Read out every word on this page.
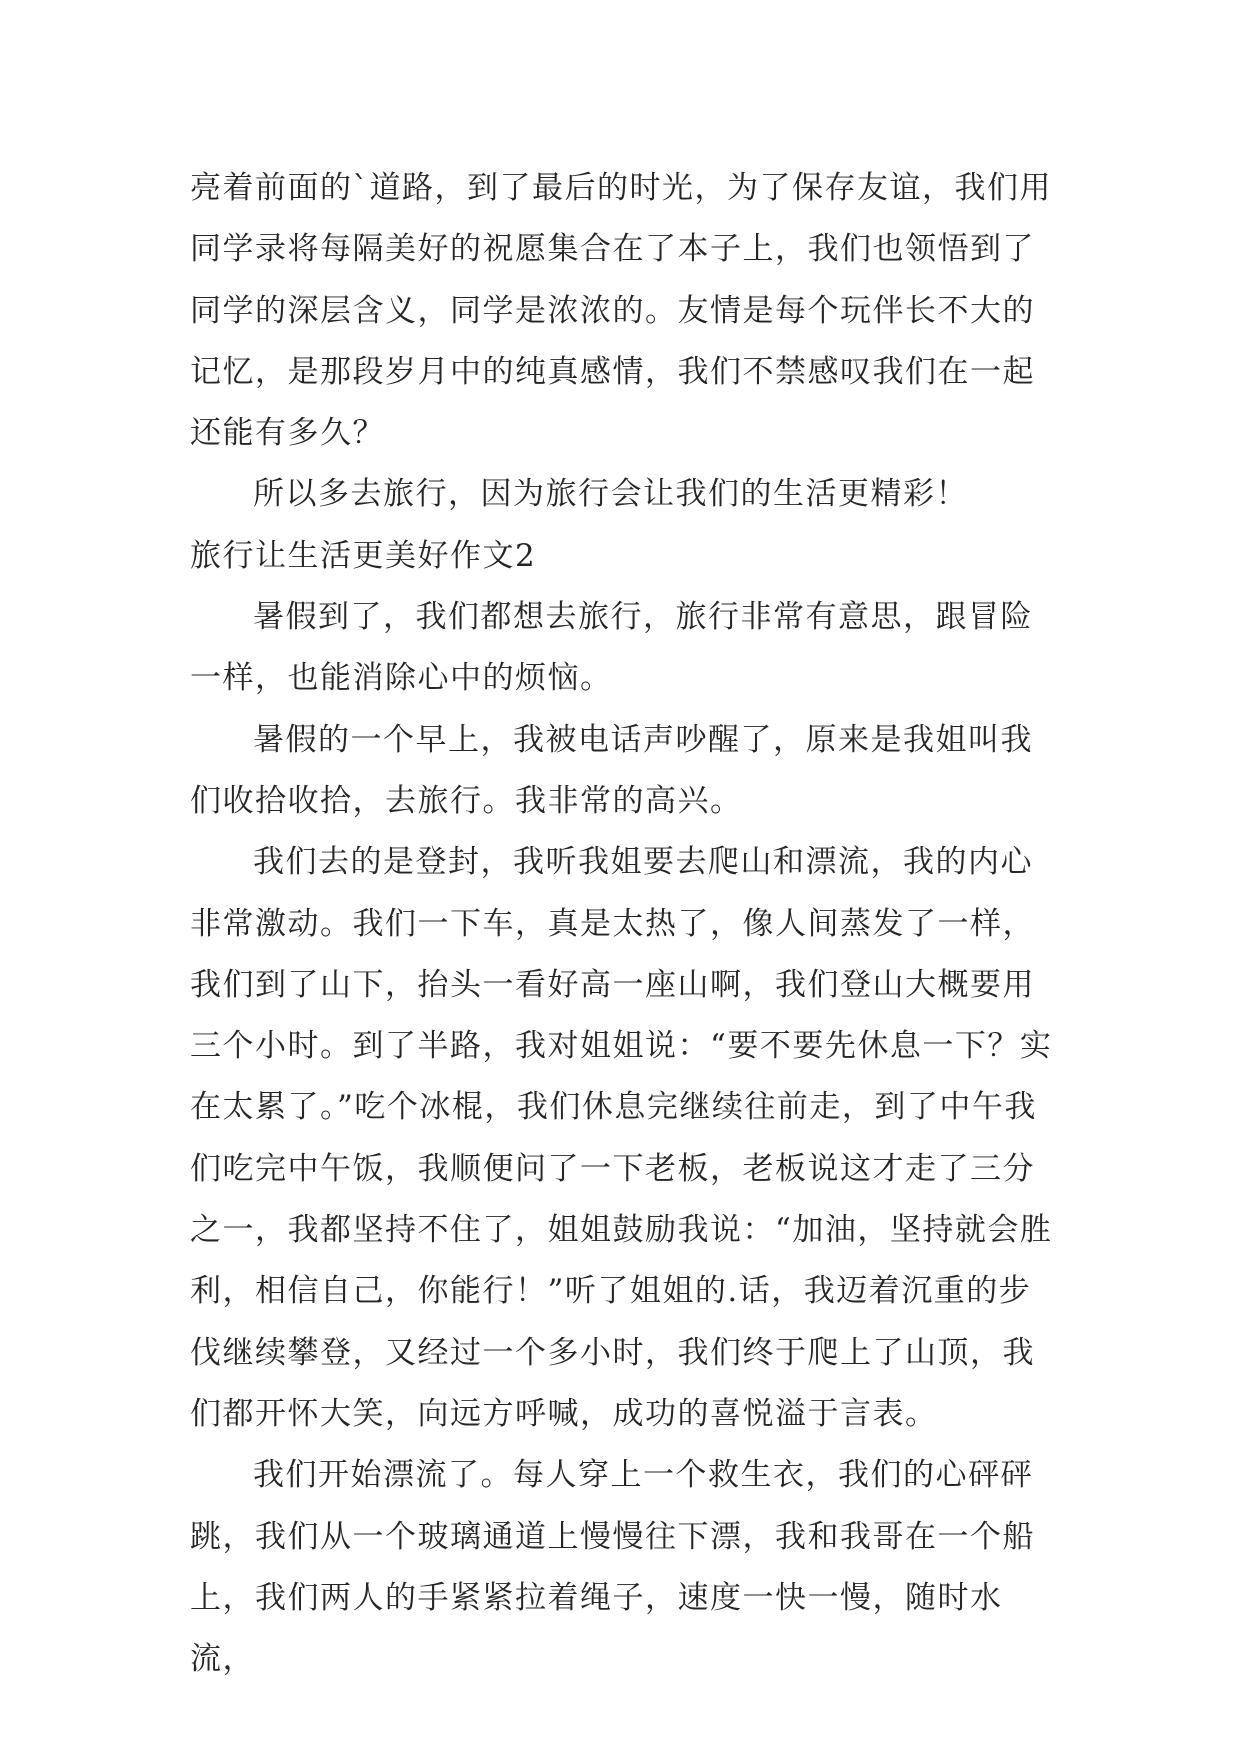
亮着前面的`道路，到了最后的时光，为了保存友谊，我们用同学录将每隔美好的祝愿集合在了本子上，我们也领悟到了同学的深层含义，同学是浓浓的。友情是每个玩伴长不大的记忆，是那段岁月中的纯真感情，我们不禁感叹我们在一起还能有多久？

所以多去旅行，因为旅行会让我们的生活更精彩！

旅行让生活更美好作文2

暑假到了，我们都想去旅行，旅行非常有意思，跟冒险一样，也能消除心中的烦恼。

暑假的一个早上，我被电话声吵醒了，原来是我姐叫我们收拾收拾，去旅行。我非常的高兴。

我们去的是登封，我听我姐要去爬山和漂流，我的内心非常激动。我们一下车，真是太热了，像人间蒸发了一样，我们到了山下，抬头一看好高一座山啊，我们登山大概要用三个小时。到了半路，我对姐姐说：“要不要先休息一下？实在太累了。”吃个冰棍，我们休息完继续往前走，到了中午我们吃完中午饭，我顺便问了一下老板，老板说这才走了三分之一，我都坚持不住了，姐姐鼓励我说：“加油，坚持就会胜利，相信自己，你能行！”听了姐姐的.话，我迈着沉重的步伐继续攀登，又经过一个多小时，我们终于爬上了山顶，我们都开怀大笑，向远方呼喊，成功的喜悦溢于言表。

我们开始漂流了。每人穿上一个救生衣，我们的心砰砰跳，我们从一个玻璃通道上慢慢往下漂，我和我哥在一个船上，我们两人的手紧紧拉着绳子，速度一快一慢，随时水流，
